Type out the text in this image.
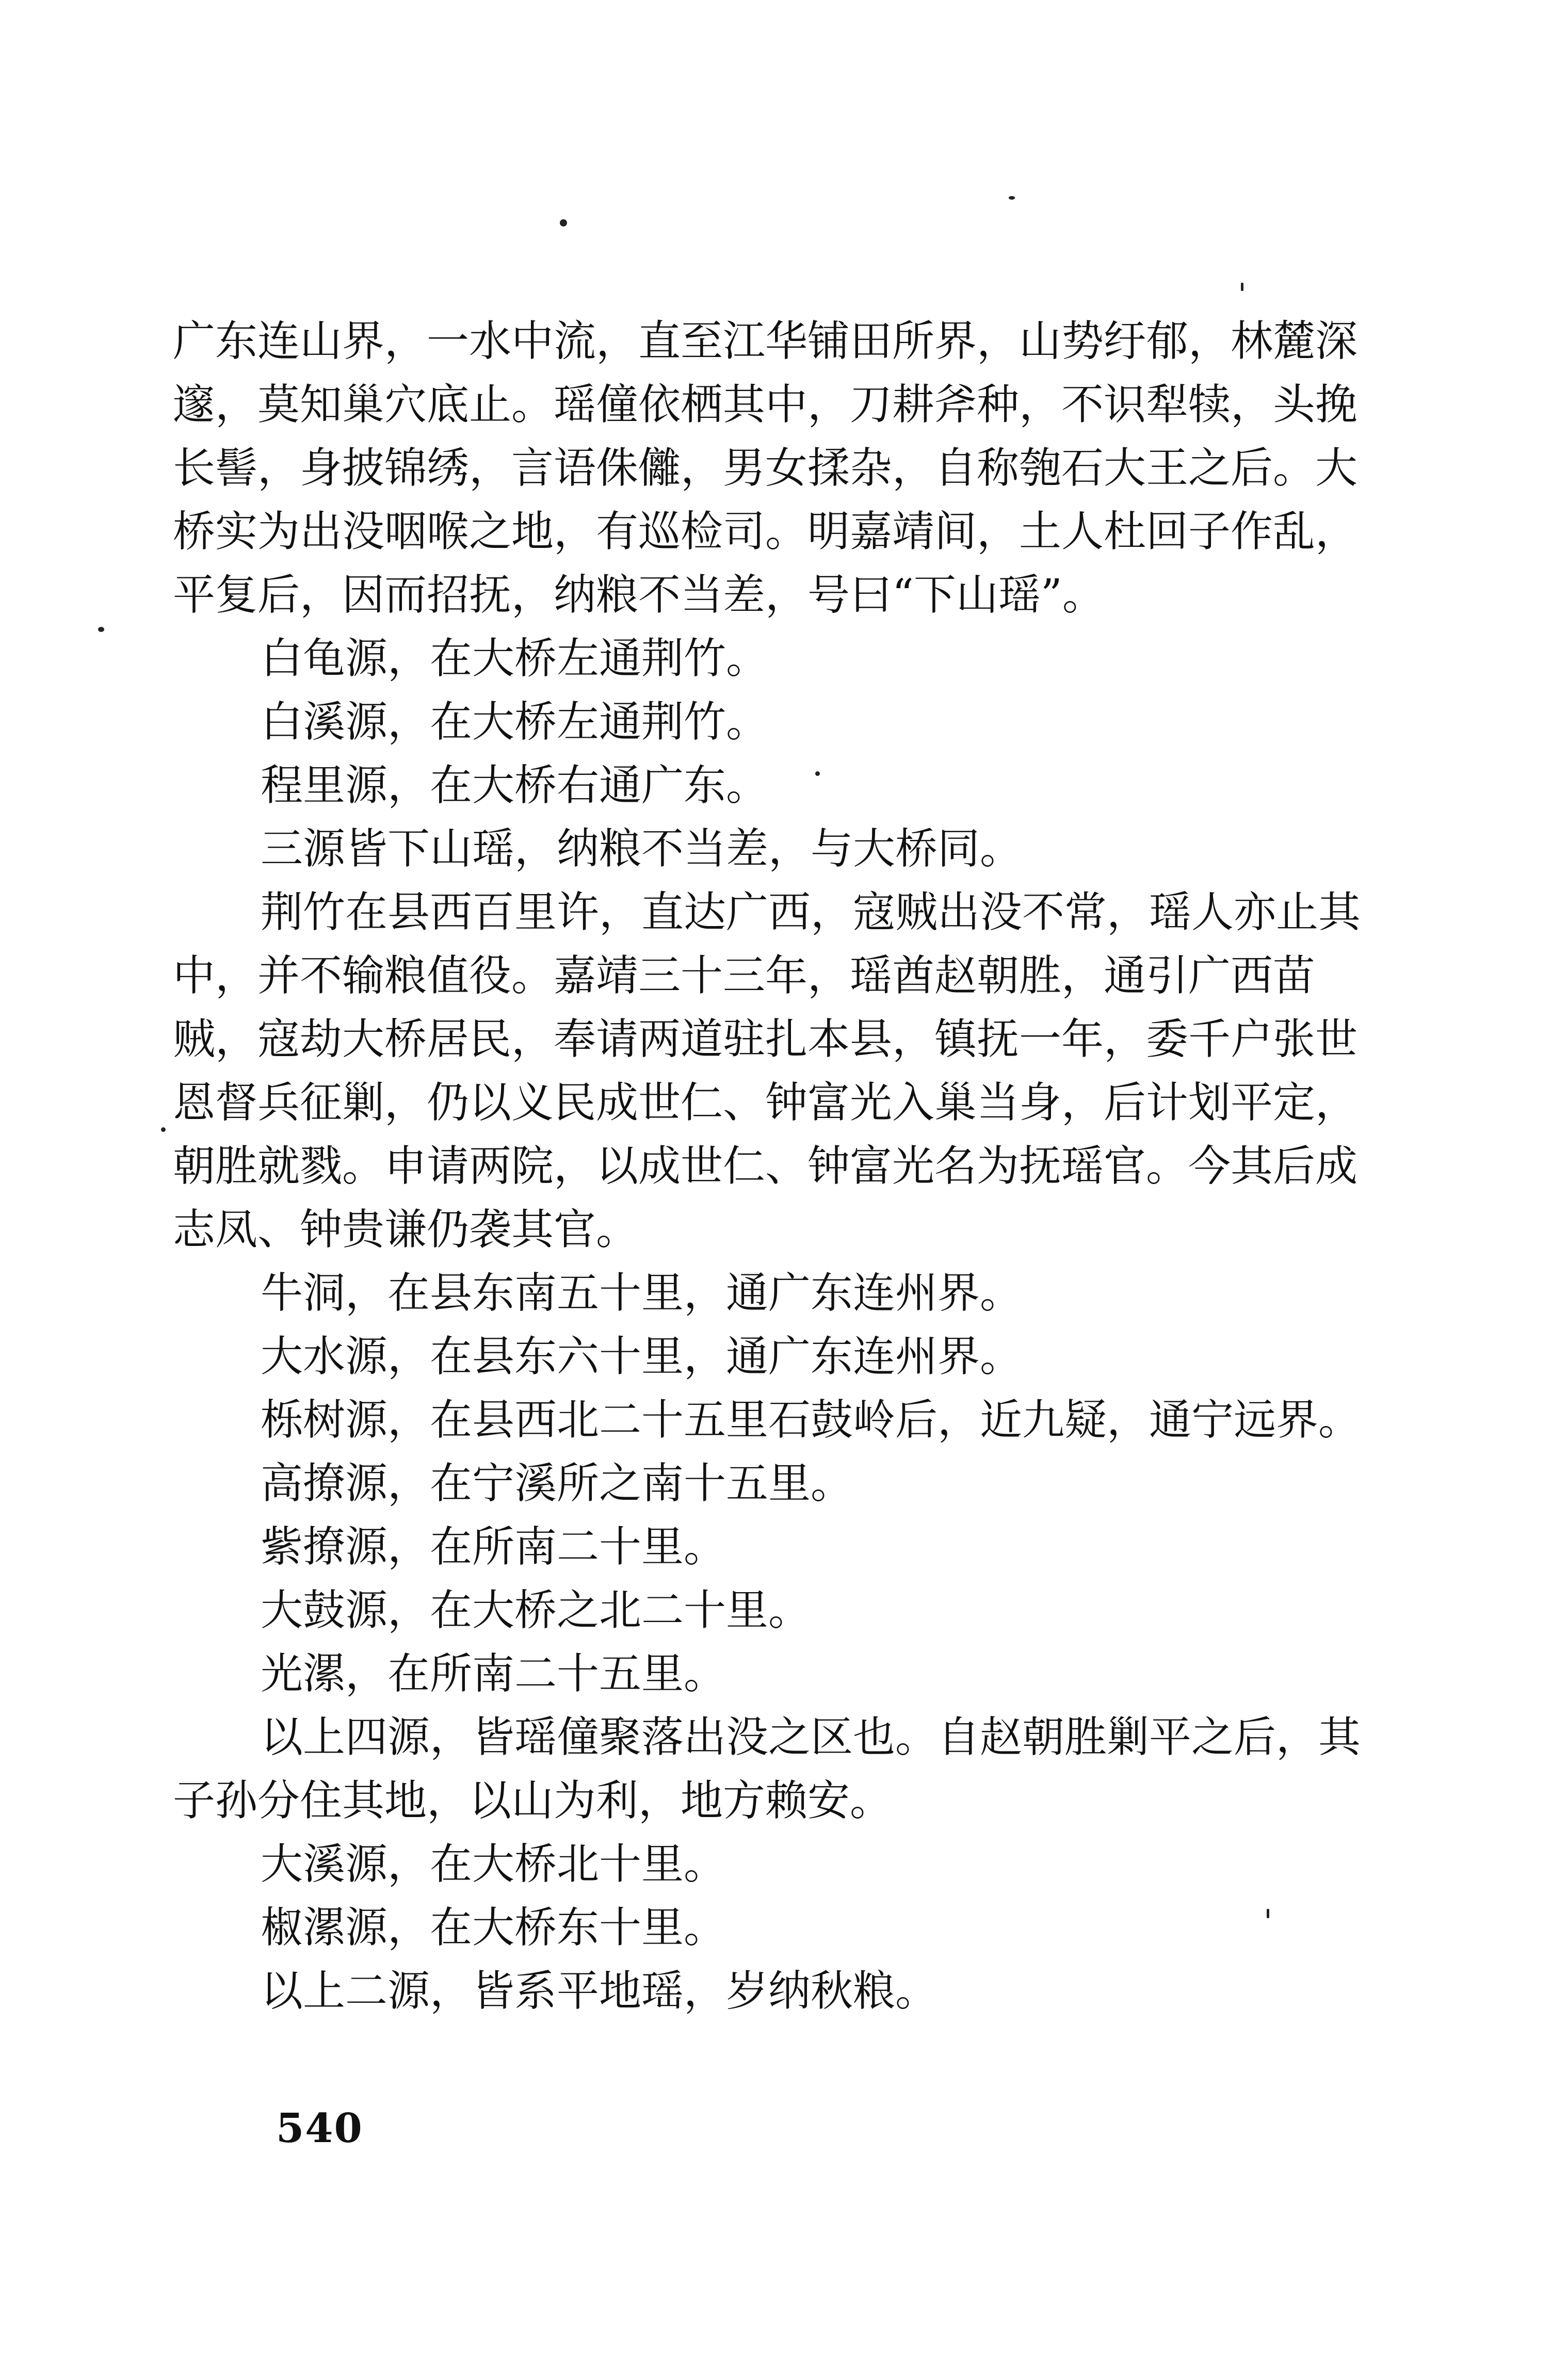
广东连山界，一水中流，直至江华铺田所界，山势纡郁，林麓深
邃，莫知巢穴底止。瑶僮依栖其中，刀耕斧种，不识犁犊，头挽
长髻，身披锦绣，言语侏㒧，男女揉杂，自称匏石大王之后。大
桥实为出没咽喉之地，有巡检司。明嘉靖间，土人杜回子作乱，
平复后，因而招抚，纳粮不当差，号曰“下山瑶”。

白龟源，在大桥左通荆竹。

白溪源，在大桥左通荆竹。

程里源，在大桥右通广东。

三源皆下山瑶，纳粮不当差，与大桥同。

荆竹在县西百里许，直达广西，寇贼出没不常，瑶人亦止其
中，并不输粮值役。嘉靖三十三年，瑶酋赵朝胜，通引广西苗
贼，寇劫大桥居民，奉请两道驻扎本县，镇抚一年，委千户张世
恩督兵征剿，仍以义民成世仁、钟富光入巢当身，后计划平定，
朝胜就戮。申请两院，以成世仁、钟富光名为抚瑶官。今其后成
志凤、钟贵谦仍袭其官。

牛洞，在县东南五十里，通广东连州界。

大水源，在县东六十里，通广东连州界。

栎树源，在县西北二十五里石鼓岭后，近九疑，通宁远界。

高撩源，在宁溪所之南十五里。

紫撩源，在所南二十里。

大鼓源，在大桥之北二十里。

光漯，在所南二十五里。

以上四源，皆瑶僮聚落出没之区也。自赵朝胜剿平之后，其
子孙分住其地，以山为利，地方赖安。

大溪源，在大桥北十里。

椒漯源，在大桥东十里。

以上二源，皆系平地瑶，岁纳秋粮。

540
